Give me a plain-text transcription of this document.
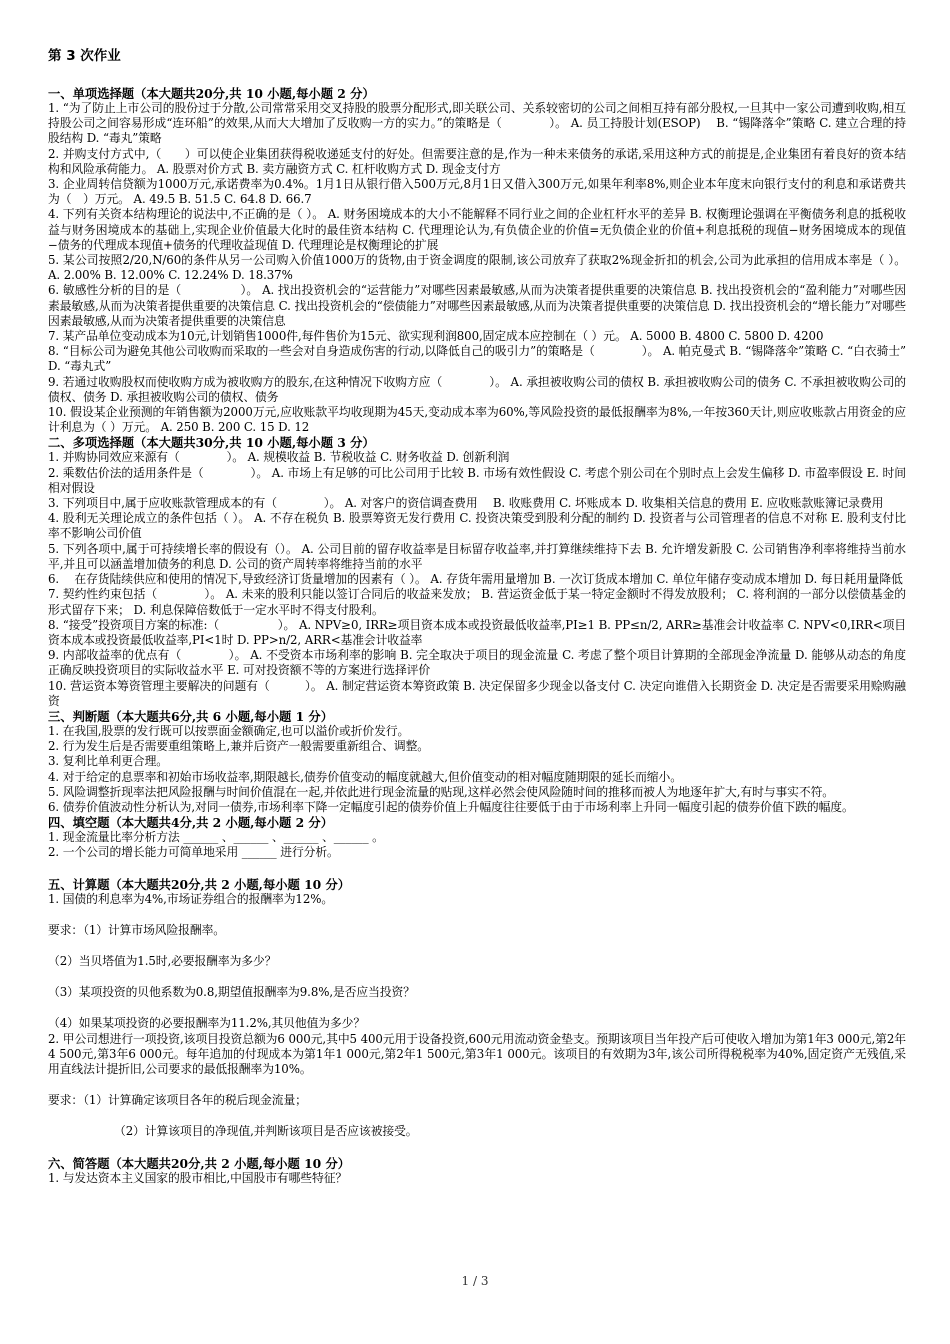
第 3 次作业
一、单项选择题（本大题共20分,共 10 小题,每小题 2 分）
1. “为了防止上市公司的股份过于分散,公司常常采用交叉持股的股票分配形式,即关联公司、关系较密切的公司之间相互持有部分股权,一旦其中一家公司遭到收购,相互持股公司之间容易形成“连环船”的效果,从而大大增加了反收购一方的实力。”的策略是（　　　　）。 A. 员工持股计划(ESOP)　 B. “锡降落伞”策略 C. 建立合理的持股结构 D. “毒丸”策略
2. 并购支付方式中,（　　）可以使企业集团获得税收递延支付的好处。但需要注意的是,作为一种未来债务的承诺,采用这种方式的前提是,企业集团有着良好的资本结构和风险承荷能力。 A. 股票对价方式 B. 卖方融资方式 C. 杠杆收购方式 D. 现金支付方
3. 企业周转信贷额为1000万元,承诺费率为0.4%。1月1日从银行借入500万元,8月1日又借入300万元,如果年利率8%,则企业本年度末向银行支付的利息和承诺费共为（　）万元。 A. 49.5 B. 51.5 C. 64.8 D. 66.7
4. 下列有关资本结构理论的说法中,不正确的是（ ）。 A. 财务困境成本的大小不能解释不同行业之间的企业杠杆水平的差异 B. 权衡理论强调在平衡债务利息的抵税收益与财务困境成本的基础上,实现企业价值最大化时的最佳资本结构 C. 代理理论认为,有负债企业的价值=无负债企业的价值+利息抵税的现值−财务困境成本的现值−债务的代理成本现值+债务的代理收益现值 D. 代理理论是权衡理论的扩展
5. 某公司按照2/20,N/60的条件从另一公司购入价值1000万的货物,由于资金调度的限制,该公司放弃了获取2%现金折扣的机会,公司为此承担的信用成本率是（ ）。 A. 2.00% B. 12.00% C. 12.24% D. 18.37%
6. 敏感性分析的目的是（　　　　　）。 A. 找出投资机会的“运营能力”对哪些因素最敏感,从而为决策者提供重要的决策信息 B. 找出投资机会的“盈利能力”对哪些因素最敏感,从而为决策者提供重要的决策信息 C. 找出投资机会的“偿债能力”对哪些因素最敏感,从而为决策者提供重要的决策信息 D. 找出投资机会的“增长能力”对哪些因素最敏感,从而为决策者提供重要的决策信息
7. 某产品单位变动成本为10元,计划销售1000件,每件售价为15元、欲实现利润800,固定成本应控制在（ ）元。 A. 5000 B. 4800 C. 5800 D. 4200
8. “目标公司为避免其他公司收购而采取的一些会对自身造成伤害的行动,以降低自己的吸引力”的策略是（　　　　）。 A. 帕克曼式 B. “锡降落伞”策略 C. “白衣骑士”　　D. “毒丸式”
9. 若通过收购股权而使收购方成为被收购方的股东,在这种情况下收购方应（　　　　）。 A. 承担被收购公司的债权 B. 承担被收购公司的债务 C. 不承担被收购公司的债权、债务 D. 承担被收购公司的债权、债务
10. 假设某企业预测的年销售额为2000万元,应收账款平均收现期为45天,变动成本率为60%,等风险投资的最低报酬率为8%,一年按360天计,则应收账款占用资金的应计利息为（ ）万元。 A. 250 B. 200 C. 15 D. 12
二、多项选择题（本大题共30分,共 10 小题,每小题 3 分）
1. 并购协同效应来源有（　　　　）。 A. 规模收益 B. 节税收益 C. 财务收益 D. 创新利润
2. 乘数估价法的适用条件是（　　　　）。 A. 市场上有足够的可比公司用于比较 B. 市场有效性假设 C. 考虑个别公司在个别时点上会发生偏移 D. 市盈率假设 E. 时间相对假设
3. 下列项目中,属于应收账款管理成本的有（　　　　）。 A. 对客户的资信调查费用　 B. 收账费用 C. 坏账成本 D. 收集相关信息的费用 E. 应收账款账簿记录费用
4. 股利无关理论成立的条件包括（ ）。 A. 不存在税负 B. 股票筹资无发行费用 C. 投资决策受到股利分配的制约 D. 投资者与公司管理者的信息不对称 E. 股利支付比率不影响公司价值
5. 下列各项中,属于可持续增长率的假设有（）。 A. 公司目前的留存收益率是目标留存收益率,并打算继续维持下去 B. 允许增发新股 C. 公司销售净利率将维持当前水平,并且可以涵盖增加债务的利息 D. 公司的资产周转率将维持当前的水平
6.　 在存货陆续供应和使用的情况下,导致经济订货量增加的因素有（ ）。 A. 存货年需用量增加 B. 一次订货成本增加 C. 单位年储存变动成本增加 D. 每日耗用量降低
7. 契约性约束包括（　　　　）。 A. 未来的股利只能以签订合同后的收益来发放； B. 营运资金低于某一特定金额时不得发放股利； C. 将利润的一部分以偿债基金的形式留存下来； D. 利息保障倍数低于一定水平时不得支付股利。
8. “接受”投资项目方案的标准:（　　　　　）。 A. NPV≥0, IRR≥项目资本成本或投资最低收益率,PI≥1 B. PP≤n/2, ARR≥基准会计收益率 C. NPV<0,IRR<项目资本成本或投资最低收益率,PI<1时 D. PP>n/2, ARR<基准会计收益率
9. 内部收益率的优点有（　　　　）。 A. 不受资本市场利率的影响 B. 完全取决于项目的现金流量 C. 考虑了整个项目计算期的全部现金净流量 D. 能够从动态的角度正确反映投资项目的实际收益水平 E. 可对投资额不等的方案进行选择评价
10. 营运资本筹资管理主要解决的问题有（　　　）。 A. 制定营运资本筹资政策 B. 决定保留多少现金以备支付 C. 决定向谁借入长期资金 D. 决定是否需要采用赊购融资
三、判断题（本大题共6分,共 6 小题,每小题 1 分）
1. 在我国,股票的发行既可以按票面金额确定,也可以溢价或折价发行。
2. 行为发生后是否需要重组策略上,兼并后资产一般需要重新组合、调整。
3. 复利比单利更合理。
4. 对于给定的息票率和初始市场收益率,期限越长,债券价值变动的幅度就越大,但价值变动的相对幅度随期限的延长而缩小。
5. 风险调整折现率法把风险报酬与时间价值混在一起,并依此进行现金流量的贴现,这样必然会使风险随时间的推移而被人为地逐年扩大,有时与事实不符。
6. 债券价值波动性分析认为,对同一债券,市场利率下降一定幅度引起的债券价值上升幅度往往要低于由于市场利率上升同一幅度引起的债券价值下跌的幅度。
四、填空题（本大题共4分,共 2 小题,每小题 2 分）
1. 现金流量比率分析方法 ______ 、______ 、______ 、______ 。
2. 一个公司的增长能力可简单地采用 ______ 进行分析。
五、计算题（本大题共20分,共 2 小题,每小题 10 分）
1. 国债的利息率为4%,市场证券组合的报酬率为12%。
要求：（1）计算市场风险报酬率。
（2）当贝塔值为1.5时,必要报酬率为多少？
（3）某项投资的贝他系数为0.8,期望值报酬率为9.8%,是否应当投资？
（4）如果某项投资的必要报酬率为11.2%,其贝他值为多少？
2. 甲公司想进行一项投资,该项目投资总额为6 000元,其中5 400元用于设备投资,600元用流动资金垫支。预期该项目当年投产后可使收入增加为第1年3 000元,第2年4 500元,第3年6 000元。每年追加的付现成本为第1年1 000元,第2年1 500元,第3年1 000元。该项目的有效期为3年,该公司所得税税率为40%,固定资产无残值,采用直线法计提折旧,公司要求的最低报酬率为10%。
要求：（1）计算确定该项目各年的税后现金流量；
（2）计算该项目的净现值,并判断该项目是否应该被接受。
六、简答题（本大题共20分,共 2 小题,每小题 10 分）
1. 与发达资本主义国家的股市相比,中国股市有哪些特征？
1 / 3
